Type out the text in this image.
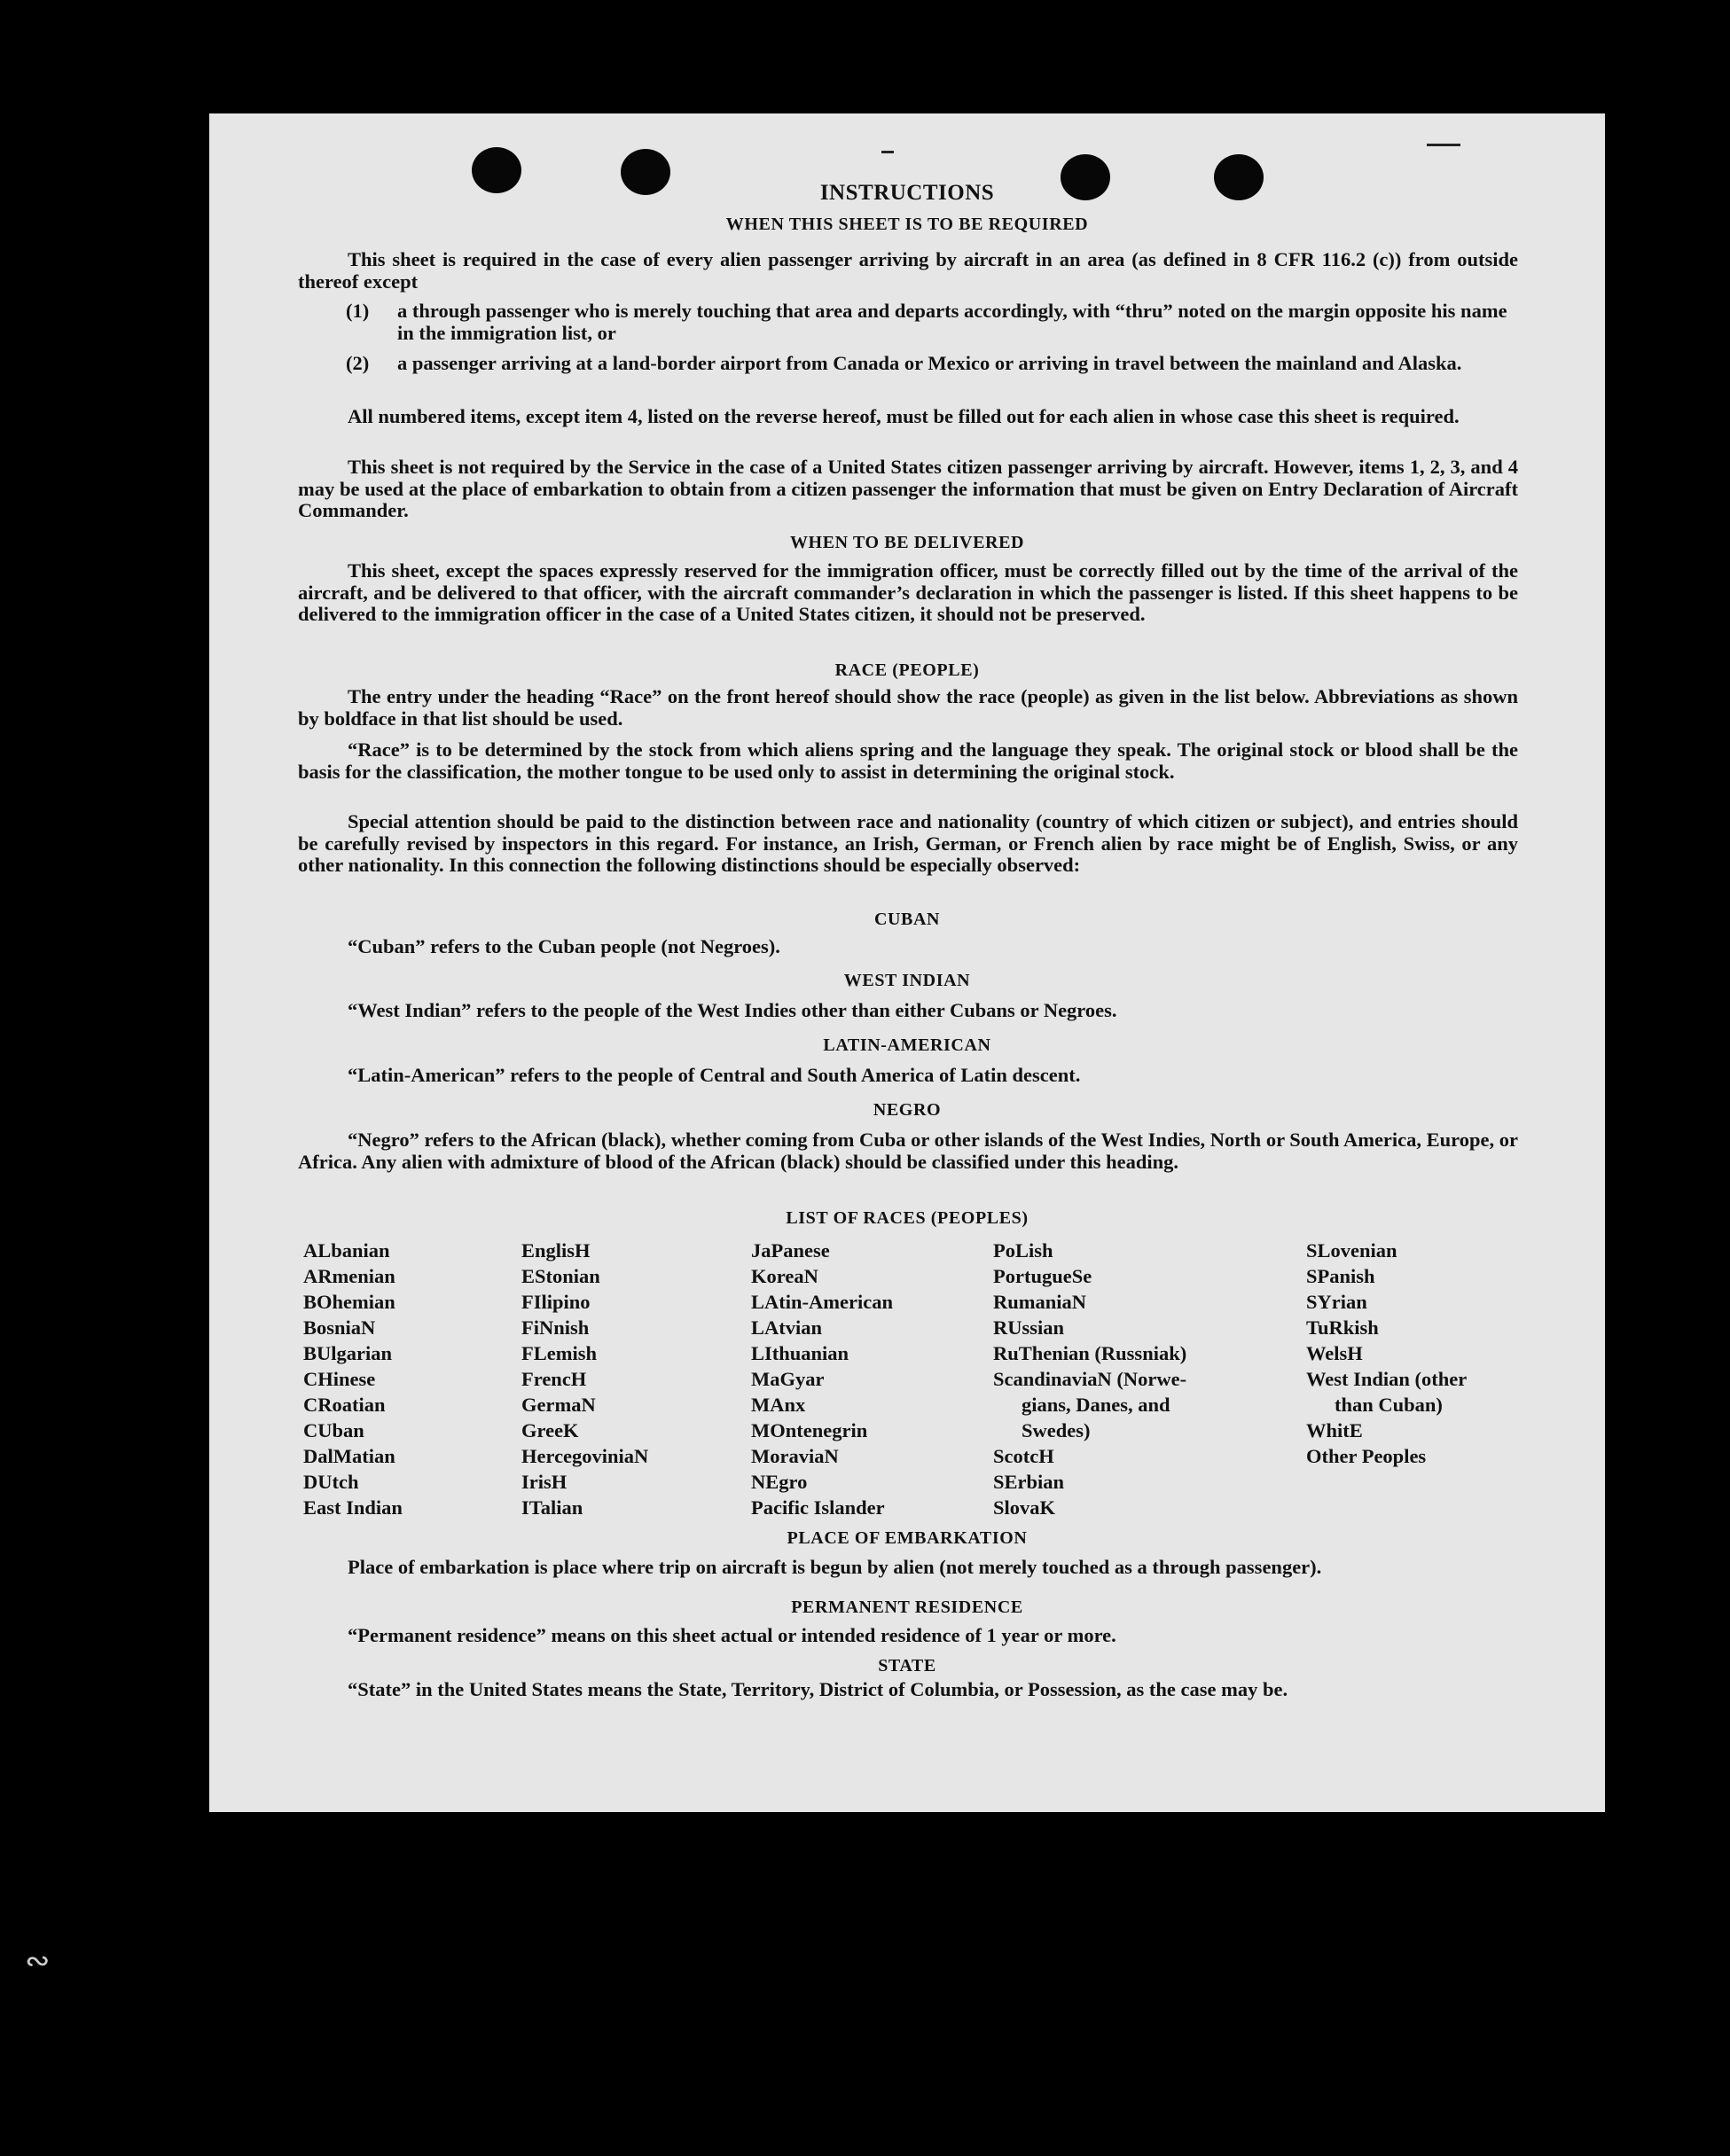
INSTRUCTIONS
WHEN THIS SHEET IS TO BE REQUIRED
This sheet is required in the case of every alien passenger arriving by aircraft in an area (as defined in 8 CFR 116.2 (c)) from outside thereof except
(1) a through passenger who is merely touching that area and departs accordingly, with “thru” noted on the margin opposite his name in the immigration list, or
(2) a passenger arriving at a land-border airport from Canada or Mexico or arriving in travel between the mainland and Alaska.
All numbered items, except item 4, listed on the reverse hereof, must be filled out for each alien in whose case this sheet is required.
This sheet is not required by the Service in the case of a United States citizen passenger arriving by aircraft. However, items 1, 2, 3, and 4 may be used at the place of embarkation to obtain from a citizen passenger the information that must be given on Entry Declaration of Aircraft Commander.
WHEN TO BE DELIVERED
This sheet, except the spaces expressly reserved for the immigration officer, must be correctly filled out by the time of the arrival of the aircraft, and be delivered to that officer, with the aircraft commander’s declaration in which the passenger is listed. If this sheet happens to be delivered to the immigration officer in the case of a United States citizen, it should not be preserved.
RACE (PEOPLE)
The entry under the heading “Race” on the front hereof should show the race (people) as given in the list below. Abbreviations as shown by boldface in that list should be used.
“Race” is to be determined by the stock from which aliens spring and the language they speak. The original stock or blood shall be the basis for the classification, the mother tongue to be used only to assist in determining the original stock.
Special attention should be paid to the distinction between race and nationality (country of which citizen or subject), and entries should be carefully revised by inspectors in this regard. For instance, an Irish, German, or French alien by race might be of English, Swiss, or any other nationality. In this connection the following distinctions should be especially observed:
CUBAN
“Cuban” refers to the Cuban people (not Negroes).
WEST INDIAN
“West Indian” refers to the people of the West Indies other than either Cubans or Negroes.
LATIN-AMERICAN
“Latin-American” refers to the people of Central and South America of Latin descent.
NEGRO
“Negro” refers to the African (black), whether coming from Cuba or other islands of the West Indies, North or South America, Europe, or Africa. Any alien with admixture of blood of the African (black) should be classified under this heading.
LIST OF RACES (PEOPLES)
ALbanian
ARmenian
BOhemian
BosniaN
BUlgarian
CHinese
CRoatian
CUban
DalMatian
DUtch
East Indian
EnglisH
EStonian
FIlipino
FiNnish
FLemish
FrencH
GermaN
GreeK
HercegoviniaN
IrisH
ITalian
JaPanese
KoreaN
LAtin-American
LAtvian
LIthuanian
MaGyar
MAnx
MOntenegrin
MoraviaN
NEgro
Pacific Islander
PoLish
PortugueSe
RumaniaN
RUssian
RuThenian (Russniak)
ScandinaviaN (Norwe-
gians, Danes, and
Swedes)
ScotcH
SErbian
SlovaK
SLovenian
SPanish
SYrian
TuRkish
WelsH
West Indian (other
than Cuban)
WhitE
Other Peoples
PLACE OF EMBARKATION
Place of embarkation is place where trip on aircraft is begun by alien (not merely touched as a through passenger).
PERMANENT RESIDENCE
“Permanent residence” means on this sheet actual or intended residence of 1 year or more.
STATE
“State” in the United States means the State, Territory, District of Columbia, or Possession, as the case may be.
∾
